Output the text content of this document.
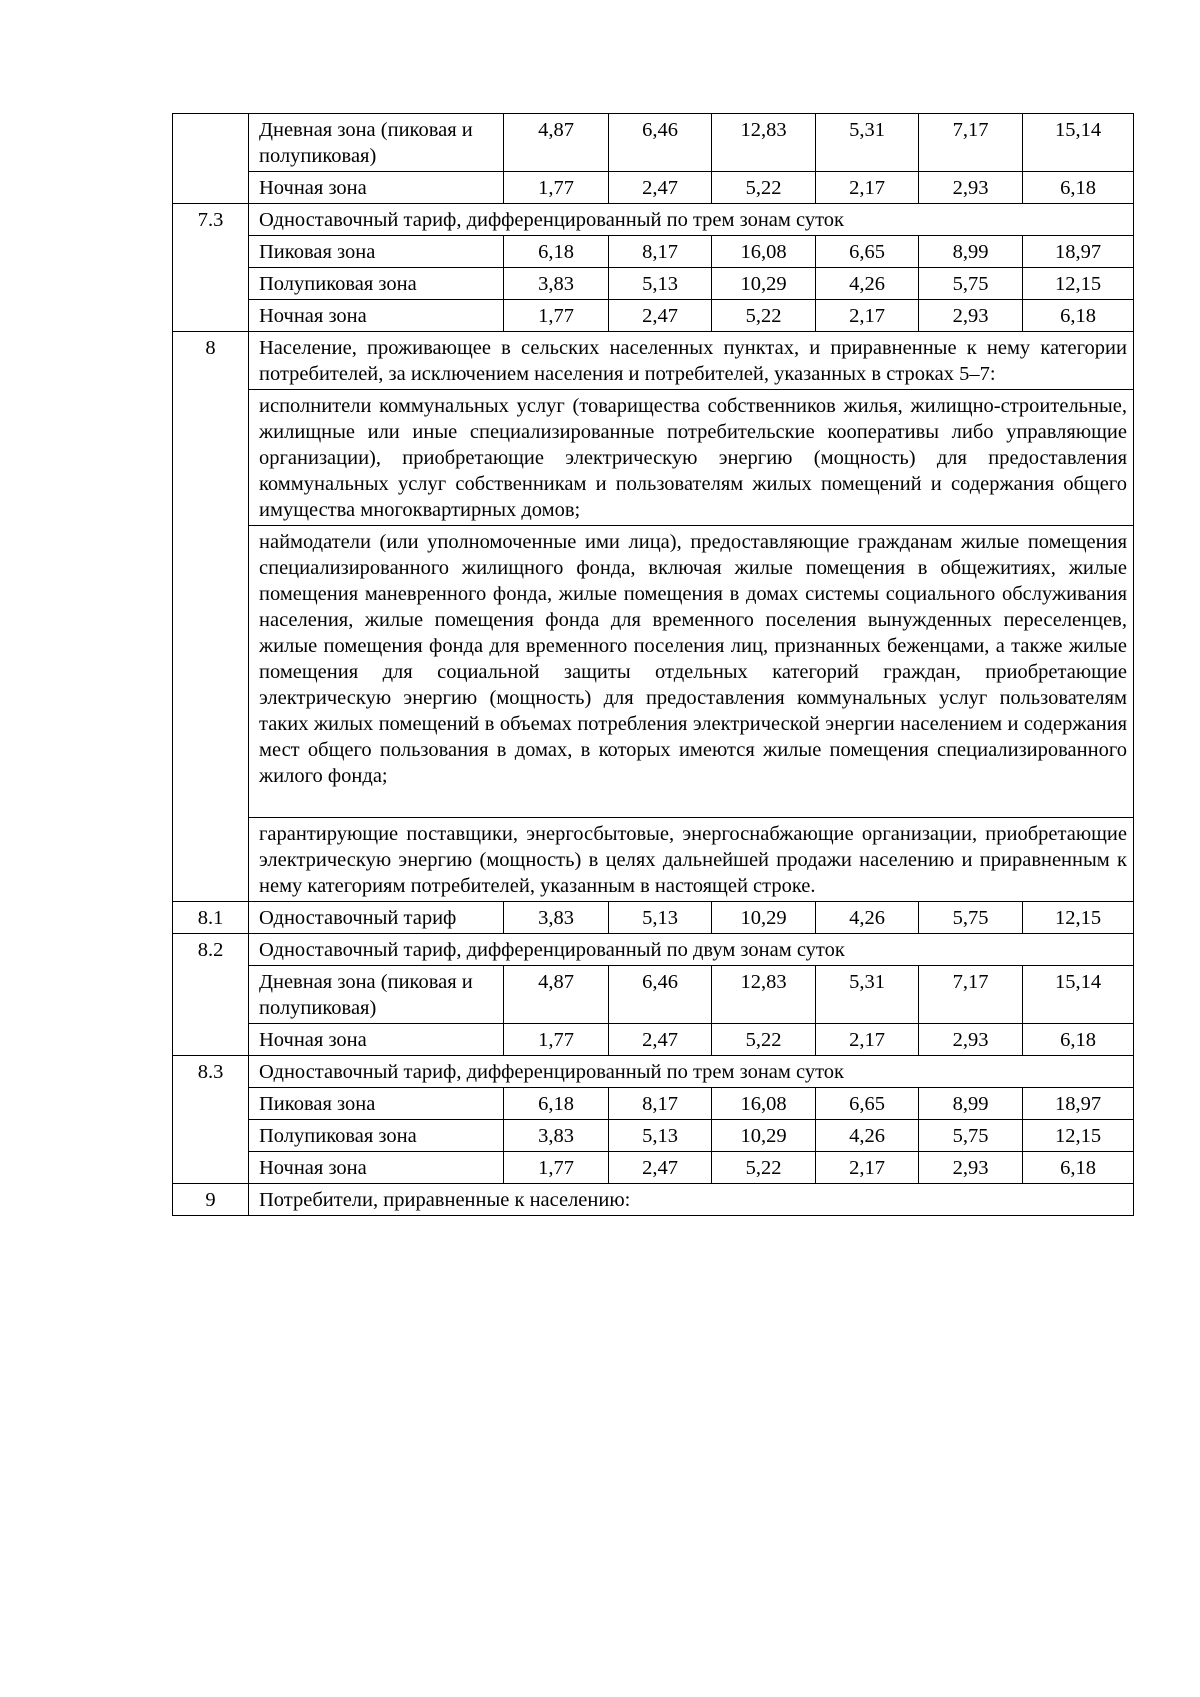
	Дневная зона (пиковая и полупиковая)	4,87	6,46	12,83	5,31	7,17	15,14
	Ночная зона	1,77	2,47	5,22	2,17	2,93	6,18
7.3	Одноставочный тариф, дифференцированный по трем зонам суток						
	Пиковая зона	6,18	8,17	16,08	6,65	8,99	18,97
	Полупиковая зона	3,83	5,13	10,29	4,26	5,75	12,15
	Ночная зона	1,77	2,47	5,22	2,17	2,93	6,18
8	Население, проживающее в сельских населенных пунктах, и приравненные к нему категории потребителей, за исключением населения и потребителей, указанных в строках 5–7:						
	исполнители коммунальных услуг (товарищества собственников жилья, жилищно-строительные, жилищные или иные специализированные потребительские кооперативы либо управляющие организации), приобретающие электрическую энергию (мощность) для предоставления коммунальных услуг собственникам и пользователям жилых помещений и содержания общего имущества многоквартирных домов;						
	наймодатели (или уполномоченные ими лица), предоставляющие гражданам жилые помещения специализированного жилищного фонда, включая жилые помещения в общежитиях, жилые помещения маневренного фонда, жилые помещения в домах системы социального обслуживания населения, жилые помещения фонда для временного поселения вынужденных переселенцев, жилые помещения фонда для временного поселения лиц, признанных беженцами, а также жилые помещения для социальной защиты отдельных категорий граждан, приобретающие электрическую энергию (мощность) для предоставления коммунальных услуг пользователям таких жилых помещений в объемах потребления электрической энергии населением и содержания мест общего пользования в домах, в которых имеются жилые помещения специализированного жилого фонда;						
	гарантирующие поставщики, энергосбытовые, энергоснабжающие организации, приобретающие электрическую энергию (мощность) в целях дальнейшей продажи населению и приравненным к нему категориям потребителей, указанным в настоящей строке.						
8.1	Одноставочный тариф	3,83	5,13	10,29	4,26	5,75	12,15
8.2	Одноставочный тариф, дифференцированный по двум зонам суток						
	Дневная зона (пиковая и полупиковая)	4,87	6,46	12,83	5,31	7,17	15,14
	Ночная зона	1,77	2,47	5,22	2,17	2,93	6,18
8.3	Одноставочный тариф, дифференцированный по трем зонам суток						
	Пиковая зона	6,18	8,17	16,08	6,65	8,99	18,97
	Полупиковая зона	3,83	5,13	10,29	4,26	5,75	12,15
	Ночная зона	1,77	2,47	5,22	2,17	2,93	6,18
9	Потребители, приравненные к населению:						
